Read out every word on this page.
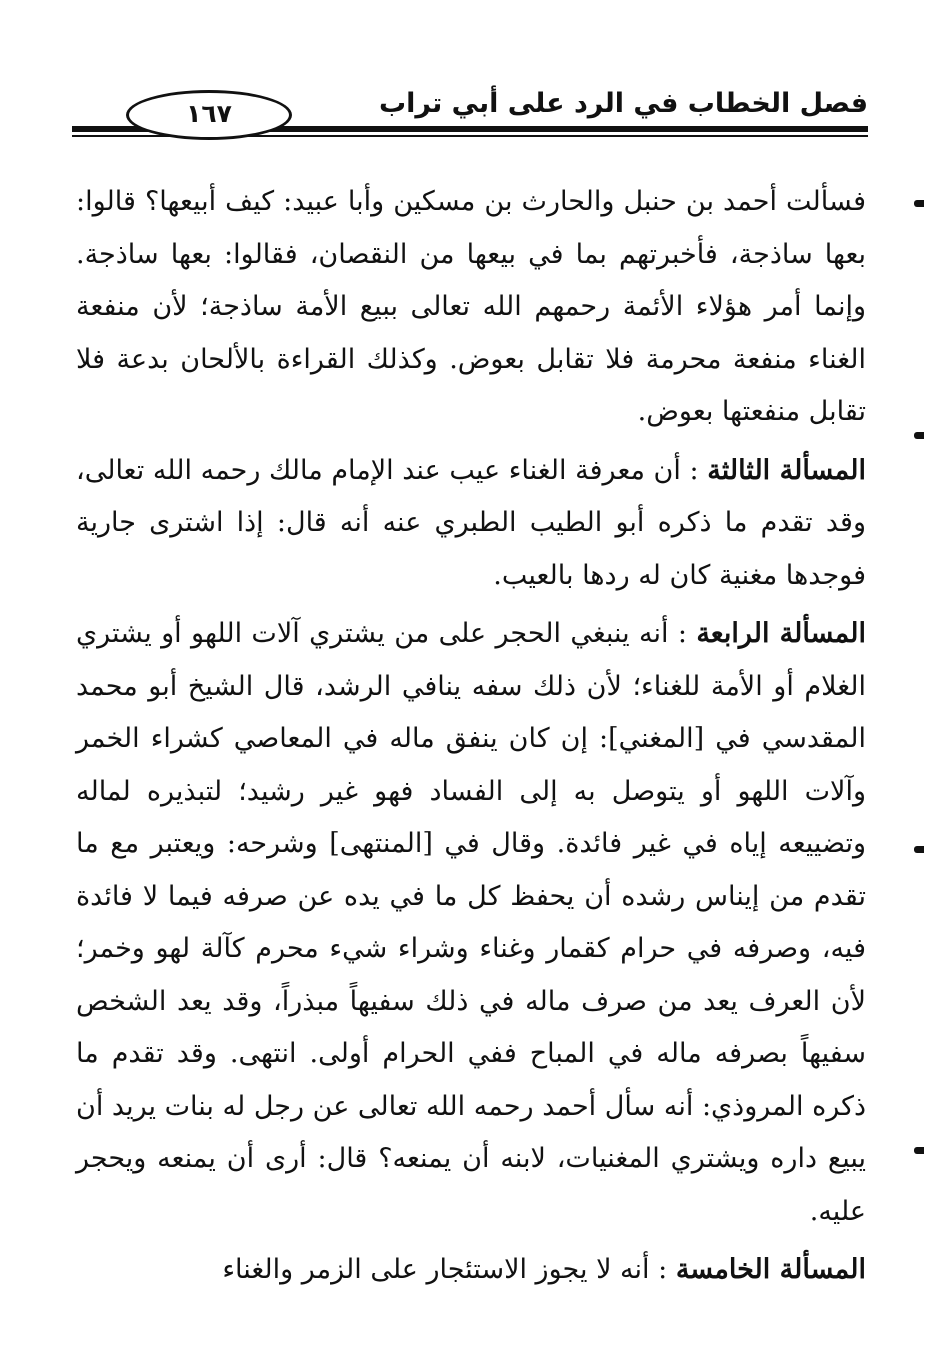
١٦٧	فصل الخطاب في الرد على أبي تراب

فسألت أحمد بن حنبل والحارث بن مسكين وأبا عبيد: كيف أبيعها؟ قالوا: بعها ساذجة، فأخبرتهم بما في بيعها من النقصان، فقالوا: بعها ساذجة. وإنما أمر هؤلاء الأئمة رحمهم الله تعالى ببيع الأمة ساذجة؛ لأن منفعة الغناء منفعة محرمة فلا تقابل بعوض. وكذلك القراءة بالألحان بدعة فلا تقابل منفعتها بعوض.

المسألة الثالثة : أن معرفة الغناء عيب عند الإمام مالك رحمه الله تعالى، وقد تقدم ما ذكره أبو الطيب الطبري عنه أنه قال: إذا اشترى جارية فوجدها مغنية كان له ردها بالعيب.

المسألة الرابعة : أنه ينبغي الحجر على من يشتري آلات اللهو أو يشتري الغلام أو الأمة للغناء؛ لأن ذلك سفه ينافي الرشد، قال الشيخ أبو محمد المقدسي في [المغني]: إن كان ينفق ماله في المعاصي كشراء الخمر وآلات اللهو أو يتوصل به إلى الفساد فهو غير رشيد؛ لتبذيره لماله وتضييعه إياه في غير فائدة. وقال في [المنتهى] وشرحه: ويعتبر مع ما تقدم من إيناس رشده أن يحفظ كل ما في يده عن صرفه فيما لا فائدة فيه، وصرفه في حرام كقمار وغناء وشراء شيء محرم كآلة لهو وخمر؛ لأن العرف يعد من صرف ماله في ذلك سفيهاً مبذراً، وقد يعد الشخص سفيهاً بصرفه ماله في المباح ففي الحرام أولى. انتهى. وقد تقدم ما ذكره المروذي: أنه سأل أحمد رحمه الله تعالى عن رجل له بنات يريد أن يبيع داره ويشتري المغنيات، لابنه أن يمنعه؟ قال: أرى أن يمنعه ويحجر عليه.

المسألة الخامسة : أنه لا يجوز الاستئجار على الزمر والغناء
